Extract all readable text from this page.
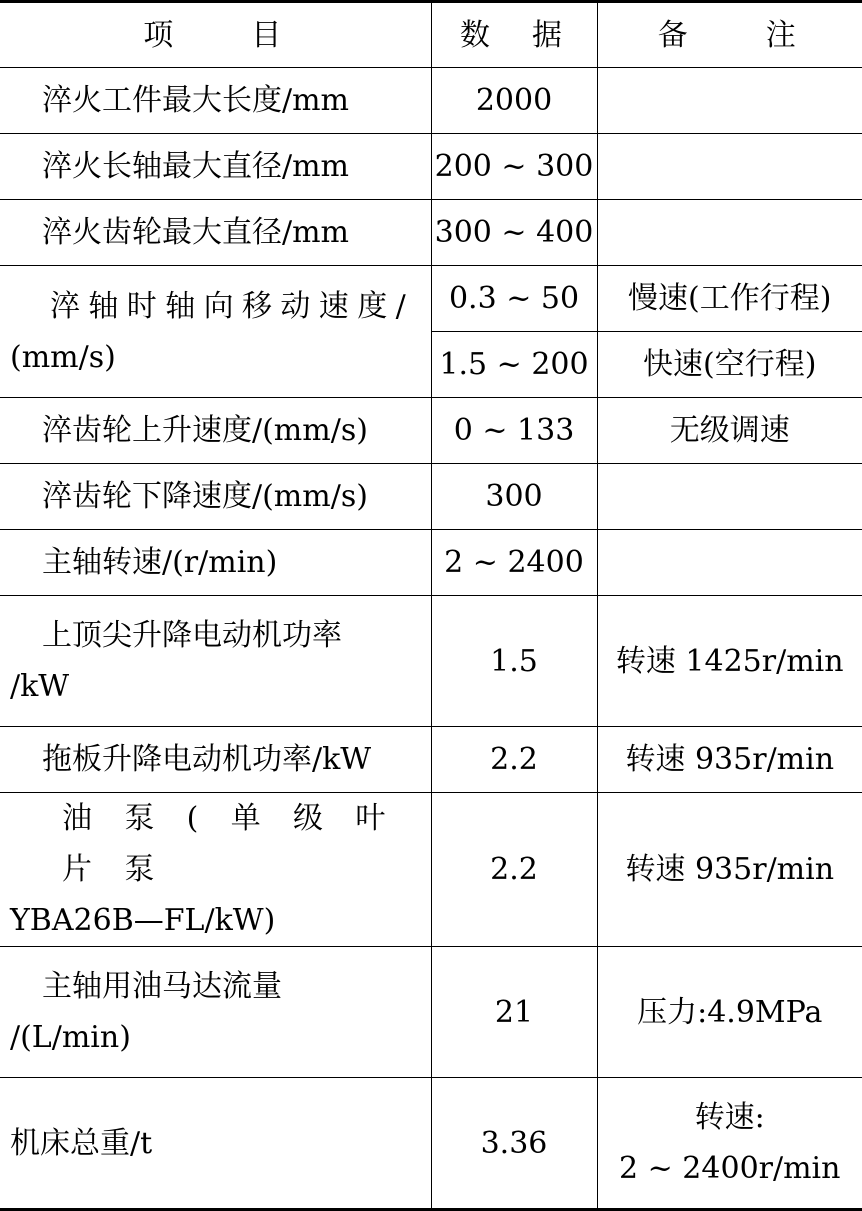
项　　目	数　据	备　　注
淬火工件最大长度/mm	2000	
淬火长轴最大直径/mm	200 ~ 300	
淬火齿轮最大直径/mm	300 ~ 400	

淬轴时轴向移动速度/
(mm/s)	0.3 ~ 50	慢速(工作行程)
	1.5 ~ 200	快速(空行程)
淬齿轮上升速度/(mm/s)	0 ~ 133	无级调速
淬齿轮下降速度/(mm/s)	300	
主轴转速/(r/min)	2 ~ 2400	

上顶尖升降电动机功率
/kW	1.5	转速 1425r/min
拖板升降电动机功率/kW	2.2	转速 935r/min

油 泵 ( 单 级 叶 片 泵
YBA26B—FL/kW)	2.2	转速 935r/min

主轴用油马达流量
/(L/min)	21	压力:4.9MPa
机床总重/t	3.36	转速:
2 ~ 2400r/min
